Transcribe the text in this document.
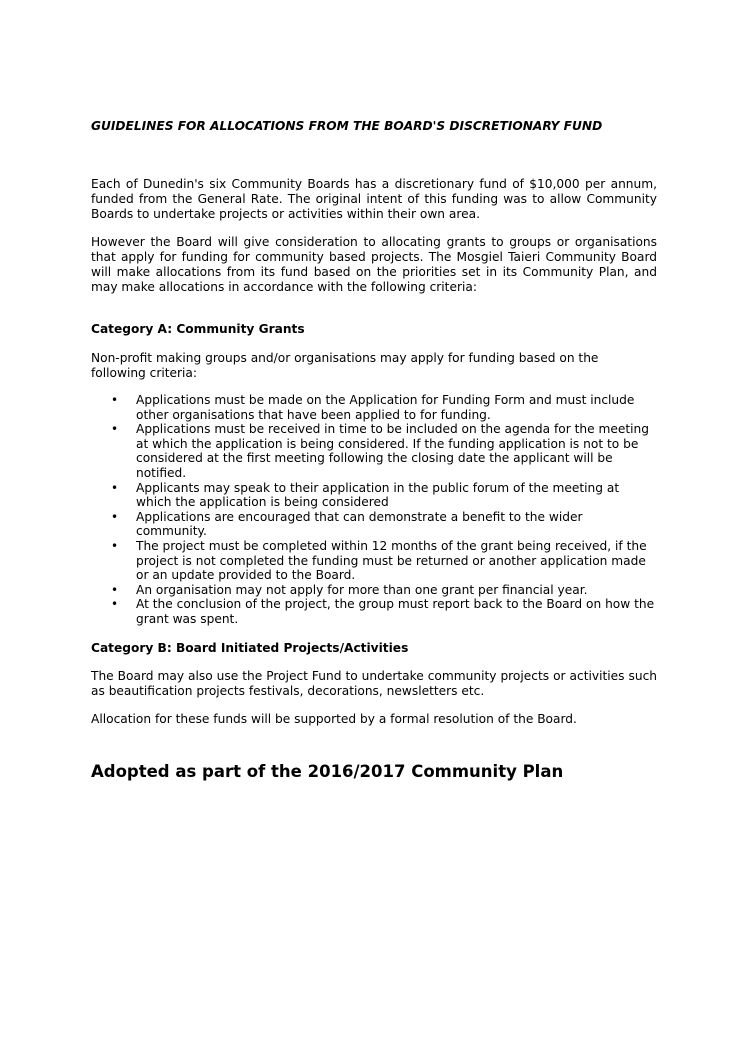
GUIDELINES FOR ALLOCATIONS FROM THE BOARD'S DISCRETIONARY FUND

Each of Dunedin's six Community Boards has a discretionary fund of $10,000 per annum, funded from the General Rate. The original intent of this funding was to allow Community Boards to undertake projects or activities within their own area.

However the Board will give consideration to allocating grants to groups or organisations that apply for funding for community based projects. The Mosgiel Taieri Community Board will make allocations from its fund based on the priorities set in its Community Plan, and may make allocations in accordance with the following criteria:

Category A: Community Grants

Non-profit making groups and/or organisations may apply for funding based on the following criteria:

• Applications must be made on the Application for Funding Form and must include other organisations that have been applied to for funding.
• Applications must be received in time to be included on the agenda for the meeting at which the application is being considered. If the funding application is not to be considered at the first meeting following the closing date the applicant will be notified.
• Applicants may speak to their application in the public forum of the meeting at which the application is being considered
• Applications are encouraged that can demonstrate a benefit to the wider community.
• The project must be completed within 12 months of the grant being received, if the project is not completed the funding must be returned or another application made or an update provided to the Board.
• An organisation may not apply for more than one grant per financial year.
• At the conclusion of the project, the group must report back to the Board on how the grant was spent.
Category B: Board Initiated Projects/Activities

The Board may also use the Project Fund to undertake community projects or activities such as beautification projects festivals, decorations, newsletters etc.

Allocation for these funds will be supported by a formal resolution of the Board.

Adopted as part of the 2016/2017 Community Plan
